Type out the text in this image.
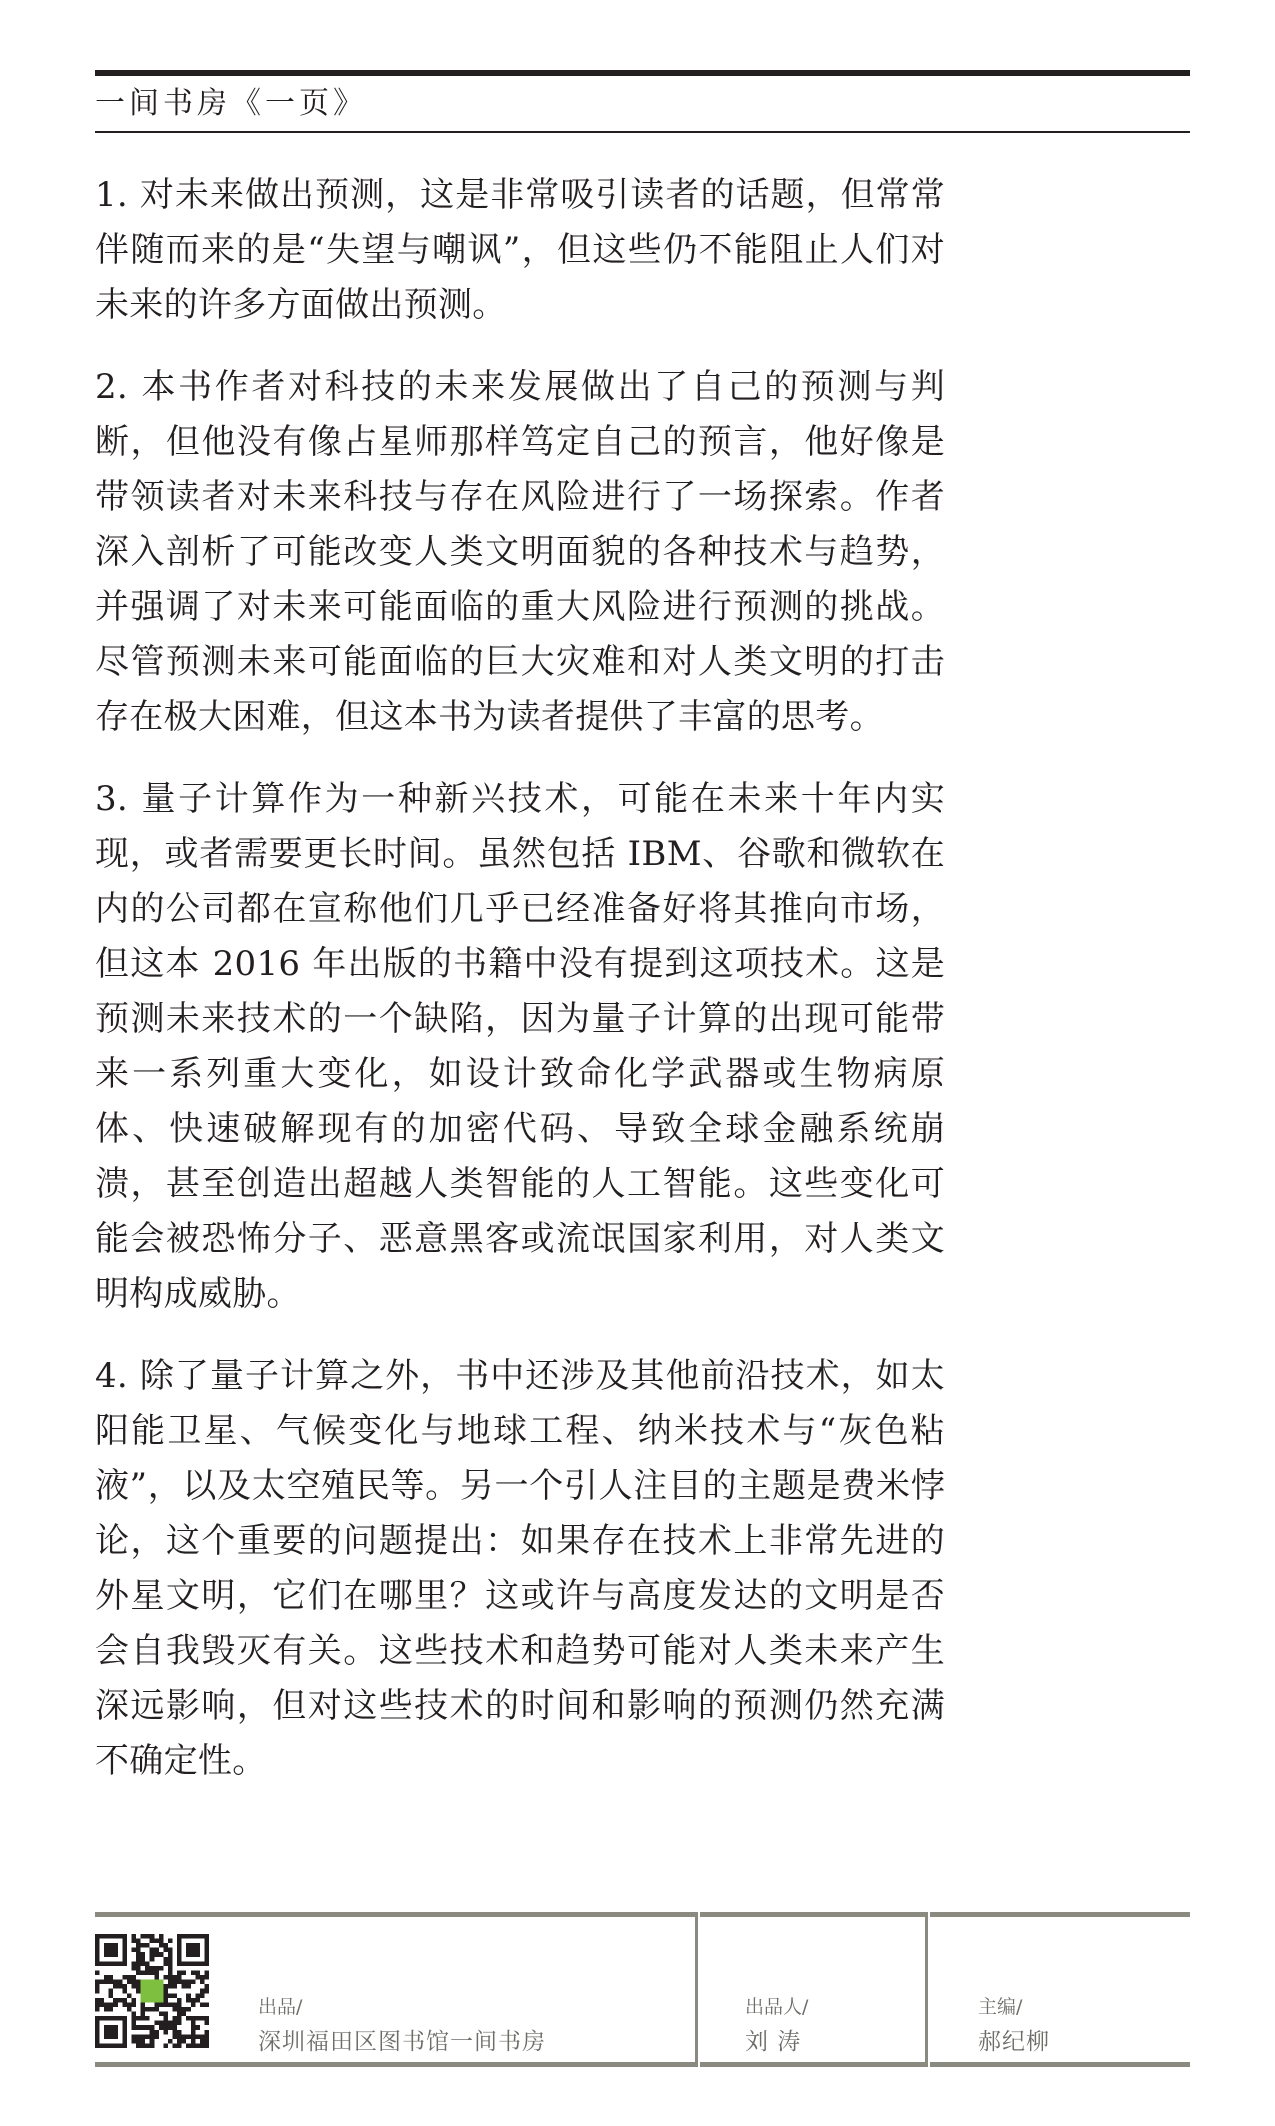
一间书房《一页》

1. 对未来做出预测，这是非常吸引读者的话题，但常常伴随而来的是“失望与嘲讽”，但这些仍不能阻止人们对未来的许多方面做出预测。

2. 本书作者对科技的未来发展做出了自己的预测与判断，但他没有像占星师那样笃定自己的预言，他好像是带领读者对未来科技与存在风险进行了一场探索。作者深入剖析了可能改变人类文明面貌的各种技术与趋势，并强调了对未来可能面临的重大风险进行预测的挑战。尽管预测未来可能面临的巨大灾难和对人类文明的打击存在极大困难，但这本书为读者提供了丰富的思考。

3. 量子计算作为一种新兴技术，可能在未来十年内实现，或者需要更长时间。虽然包括 IBM、谷歌和微软在内的公司都在宣称他们几乎已经准备好将其推向市场，但这本 2016 年出版的书籍中没有提到这项技术。这是预测未来技术的一个缺陷，因为量子计算的出现可能带来一系列重大变化，如设计致命化学武器或生物病原体、快速破解现有的加密代码、导致全球金融系统崩溃，甚至创造出超越人类智能的人工智能。这些变化可能会被恐怖分子、恶意黑客或流氓国家利用，对人类文明构成威胁。

4. 除了量子计算之外，书中还涉及其他前沿技术，如太阳能卫星、气候变化与地球工程、纳米技术与“灰色粘液”，以及太空殖民等。另一个引人注目的主题是费米悖论，这个重要的问题提出：如果存在技术上非常先进的外星文明，它们在哪里？这或许与高度发达的文明是否会自我毁灭有关。这些技术和趋势可能对人类未来产生深远影响，但对这些技术的时间和影响的预测仍然充满不确定性。

出品/
深圳福田区图书馆一间书房
出品人/
刘 涛
主编/
郝纪柳
